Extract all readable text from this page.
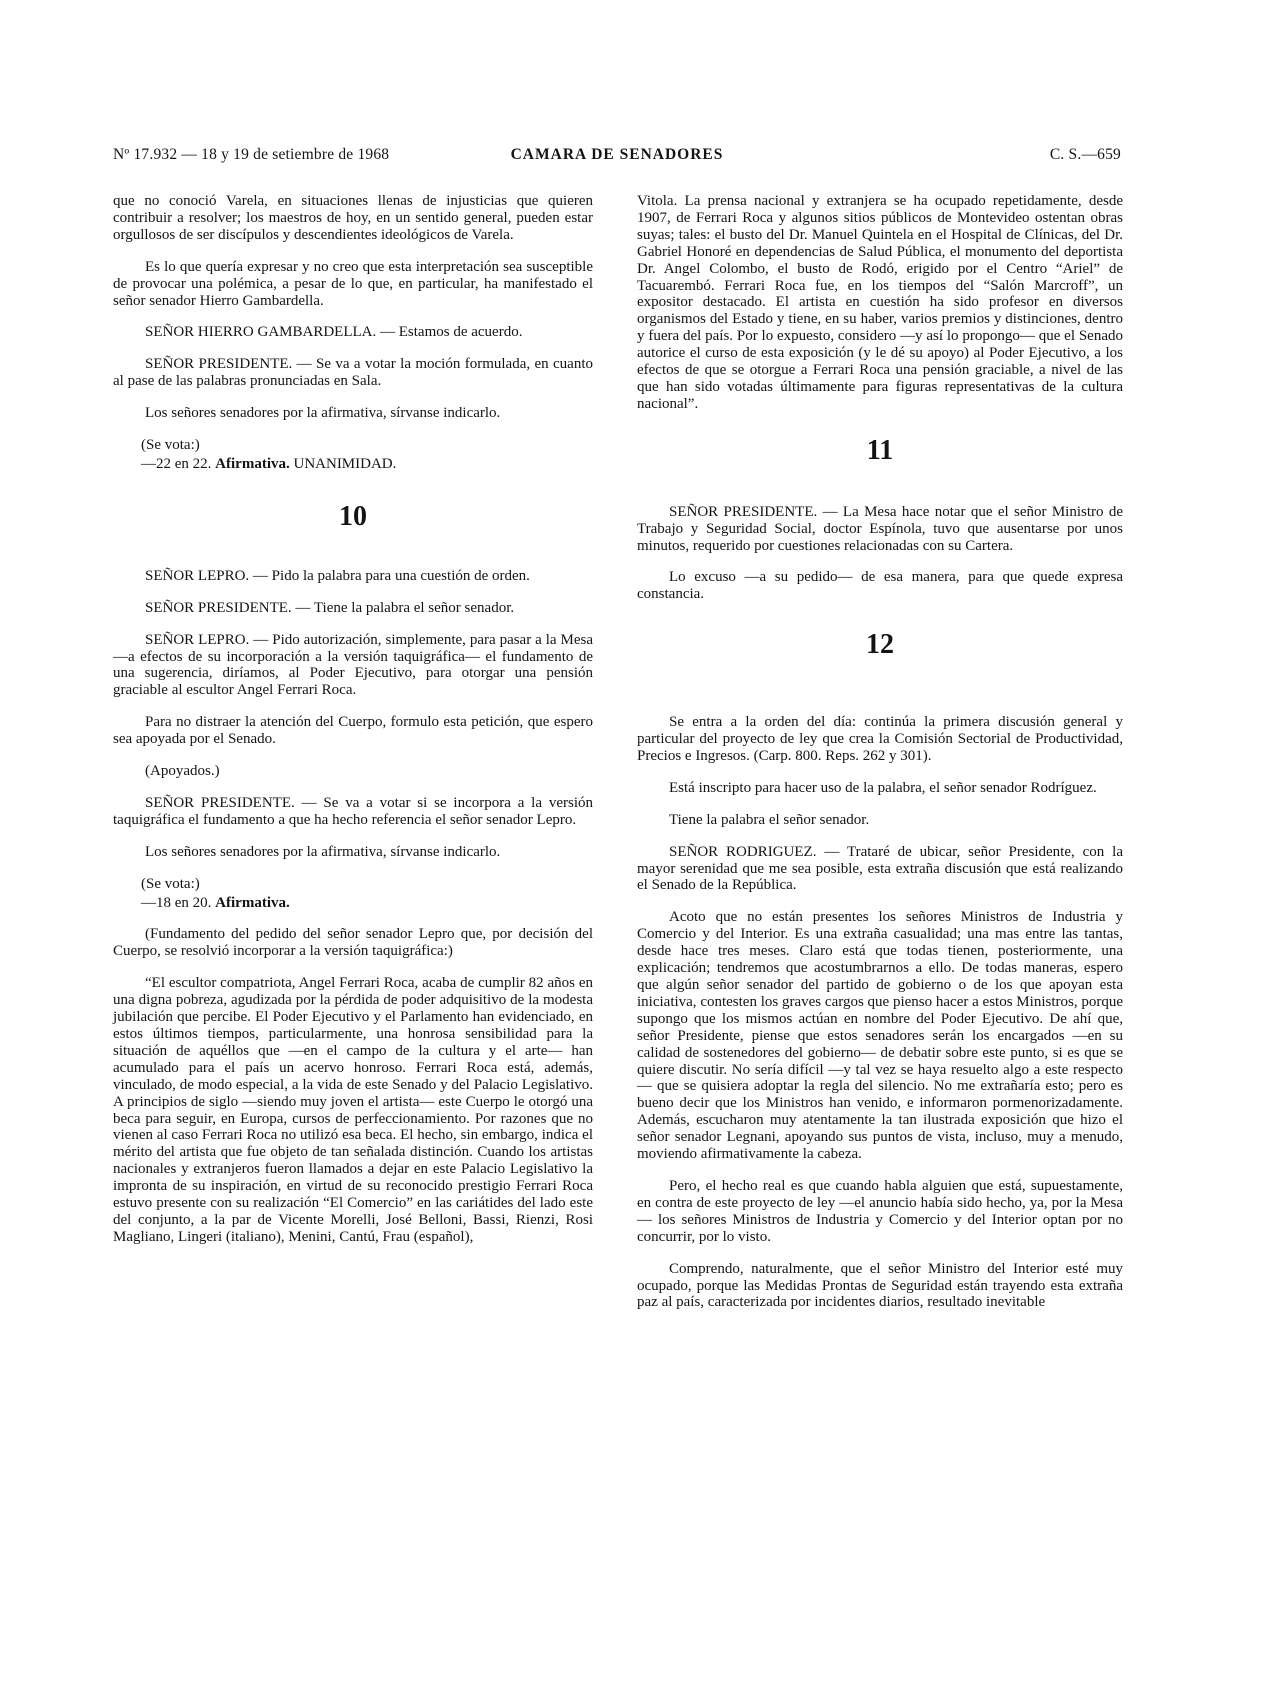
Nº 17.932 — 18 y 19 de setiembre de 1968	CAMARA DE SENADORES	C. S.—659

que no conoció Varela, en situaciones llenas de injusticias que quieren contribuir a resolver; los maestros de hoy, en un sentido general, pueden estar orgullosos de ser discípulos y descendientes ideológicos de Varela.

Es lo que quería expresar y no creo que esta interpretación sea susceptible de provocar una polémica, a pesar de lo que, en particular, ha manifestado el señor senador Hierro Gambardella.

SEÑOR HIERRO GAMBARDELLA. — Estamos de acuerdo.

SEÑOR PRESIDENTE. — Se va a votar la moción formulada, en cuanto al pase de las palabras pronunciadas en Sala.

Los señores senadores por la afirmativa, sírvanse indicarlo.

(Se vota:)

—22 en 22. Afirmativa. UNANIMIDAD.

10

SEÑOR LEPRO. — Pido la palabra para una cuestión de orden.

SEÑOR PRESIDENTE. — Tiene la palabra el señor senador.

SEÑOR LEPRO. — Pido autorización, simplemente, para pasar a la Mesa —a efectos de su incorporación a la versión taquigráfica— el fundamento de una sugerencia, diríamos, al Poder Ejecutivo, para otorgar una pensión graciable al escultor Angel Ferrari Roca.

Para no distraer la atención del Cuerpo, formulo esta petición, que espero sea apoyada por el Senado.

(Apoyados.)

SEÑOR PRESIDENTE. — Se va a votar si se incorpora a la versión taquigráfica el fundamento a que ha hecho referencia el señor senador Lepro.

Los señores senadores por la afirmativa, sírvanse indicarlo.

(Se vota:)

—18 en 20. Afirmativa.

(Fundamento del pedido del señor senador Lepro que, por decisión del Cuerpo, se resolvió incorporar a la versión taquigráfica:)

“El escultor compatriota, Angel Ferrari Roca, acaba de cumplir 82 años en una digna pobreza, agudizada por la pérdida de poder adquisitivo de la modesta jubilación que percibe. El Poder Ejecutivo y el Parlamento han evidenciado, en estos últimos tiempos, particularmente, una honrosa sensibilidad para la situación de aquéllos que —en el campo de la cultura y el arte— han acumulado para el país un acervo honroso. Ferrari Roca está, además, vinculado, de modo especial, a la vida de este Senado y del Palacio Legislativo. A principios de siglo —siendo muy joven el artista— este Cuerpo le otorgó una beca para seguir, en Europa, cursos de perfeccionamiento. Por razones que no vienen al caso Ferrari Roca no utilizó esa beca. El hecho, sin embargo, indica el mérito del artista que fue objeto de tan señalada distinción. Cuando los artistas nacionales y extranjeros fueron llamados a dejar en este Palacio Legislativo la impronta de su inspiración, en virtud de su reconocido prestigio Ferrari Roca estuvo presente con su realización “El Comercio” en las cariátides del lado este del conjunto, a la par de Vicente Morelli, José Belloni, Bassi, Rienzi, Rosi Magliano, Lingeri (italiano), Menini, Cantú, Frau (español),

Vitola. La prensa nacional y extranjera se ha ocupado repetidamente, desde 1907, de Ferrari Roca y algunos sitios públicos de Montevideo ostentan obras suyas; tales: el busto del Dr. Manuel Quintela en el Hospital de Clínicas, del Dr. Gabriel Honoré en dependencias de Salud Pública, el monumento del deportista Dr. Angel Colombo, el busto de Rodó, erigido por el Centro “Ariel” de Tacuarembó. Ferrari Roca fue, en los tiempos del “Salón Marcroff”, un expositor destacado. El artista en cuestión ha sido profesor en diversos organismos del Estado y tiene, en su haber, varios premios y distinciones, dentro y fuera del país. Por lo expuesto, considero —y así lo propongo— que el Senado autorice el curso de esta exposición (y le dé su apoyo) al Poder Ejecutivo, a los efectos de que se otorgue a Ferrari Roca una pensión graciable, a nivel de las que han sido votadas últimamente para figuras representativas de la cultura nacional”.

11

SEÑOR PRESIDENTE. — La Mesa hace notar que el señor Ministro de Trabajo y Seguridad Social, doctor Espínola, tuvo que ausentarse por unos minutos, requerido por cuestiones relacionadas con su Cartera.

Lo excuso —a su pedido— de esa manera, para que quede expresa constancia.

12

Se entra a la orden del día: continúa la primera discusión general y particular del proyecto de ley que crea la Comisión Sectorial de Productividad, Precios e Ingresos. (Carp. 800. Reps. 262 y 301).

Está inscripto para hacer uso de la palabra, el señor senador Rodríguez.

Tiene la palabra el señor senador.

SEÑOR RODRIGUEZ. — Trataré de ubicar, señor Presidente, con la mayor serenidad que me sea posible, esta extraña discusión que está realizando el Senado de la República.

Acoto que no están presentes los señores Ministros de Industria y Comercio y del Interior. Es una extraña casualidad; una mas entre las tantas, desde hace tres meses. Claro está que todas tienen, posteriormente, una explicación; tendremos que acostumbrarnos a ello. De todas maneras, espero que algún señor senador del partido de gobierno o de los que apoyan esta iniciativa, contesten los graves cargos que pienso hacer a estos Ministros, porque supongo que los mismos actúan en nombre del Poder Ejecutivo. De ahí que, señor Presidente, piense que estos senadores serán los encargados —en su calidad de sostenedores del gobierno— de debatir sobre este punto, si es que se quiere discutir. No sería difícil —y tal vez se haya resuelto algo a este respecto— que se quisiera adoptar la regla del silencio. No me extrañaría esto; pero es bueno decir que los Ministros han venido, e informaron pormenorizadamente. Además, escucharon muy atentamente la tan ilustrada exposición que hizo el señor senador Legnani, apoyando sus puntos de vista, incluso, muy a menudo, moviendo afirmativamente la cabeza.

Pero, el hecho real es que cuando habla alguien que está, supuestamente, en contra de este proyecto de ley —el anuncio había sido hecho, ya, por la Mesa— los señores Ministros de Industria y Comercio y del Interior optan por no concurrir, por lo visto.

Comprendo, naturalmente, que el señor Ministro del Interior esté muy ocupado, porque las Medidas Prontas de Seguridad están trayendo esta extraña paz al país, caracterizada por incidentes diarios, resultado inevitable
